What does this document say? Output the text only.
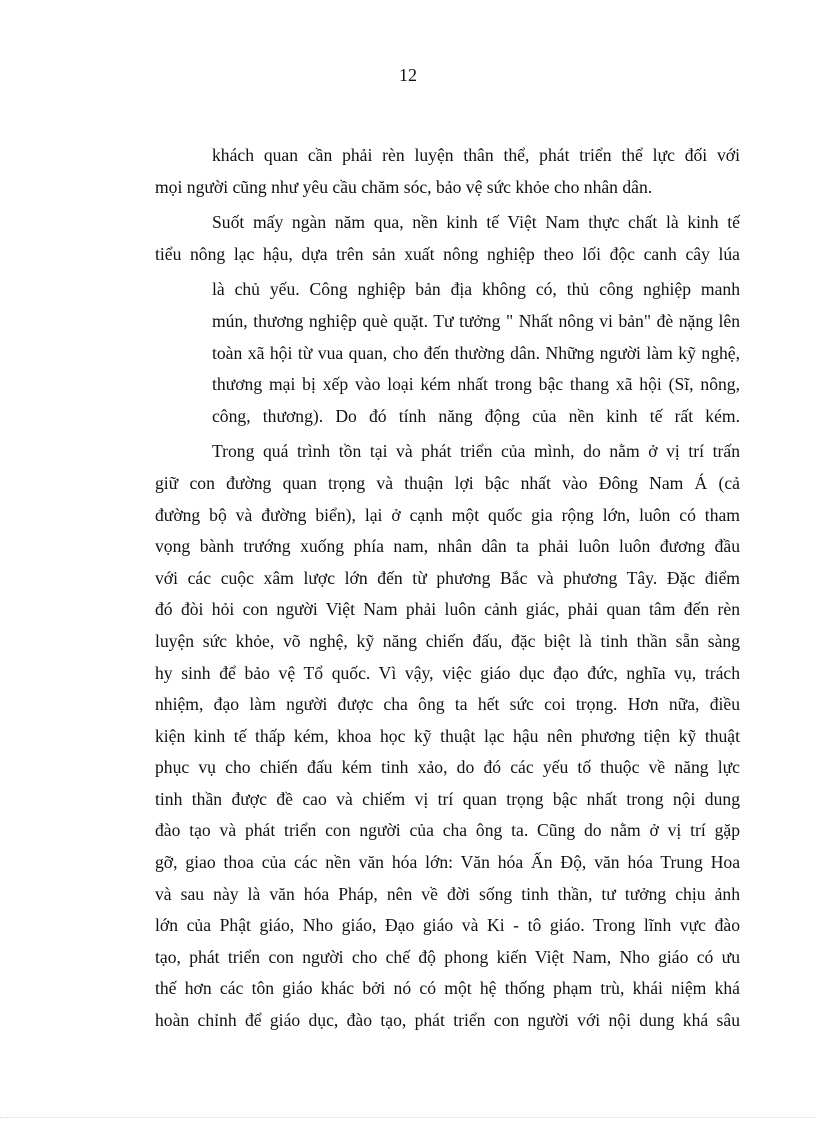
12
khách quan cần phải rèn luyện thân thể, phát triển thể lực đối với
mọi người cũng như yêu cầu chăm sóc, bảo vệ sức khỏe cho nhân dân.
Suốt mấy ngàn năm qua, nền kinh tế Việt Nam thực chất là kinh tế
tiểu nông lạc hậu, dựa trên sản xuất nông nghiệp theo lối độc canh cây lúa
là chủ yếu. Công nghiệp bản địa không có, thủ công nghiệp manh
mún, thương nghiệp què quặt. Tư tưởng " Nhất nông vi bản" đè nặng lên
toàn xã hội từ vua quan, cho đến thường dân. Những người làm kỹ nghệ,
thương mại bị xếp vào loại kém nhất trong bậc thang xã hội (Sĩ, nông,
công, thương). Do đó tính năng động của nền kinh tế rất kém.
Trong quá trình tồn tại và phát triển của mình, do nằm ở vị trí trấn
giữ con đường quan trọng và thuận lợi bậc nhất vào Đông Nam Á (cả
đường bộ và đường biển), lại ở cạnh một quốc gia rộng lớn, luôn có tham
vọng bành trướng xuống phía nam, nhân dân ta phải luôn luôn đương đầu
với các cuộc xâm lược lớn đến từ phương Bắc và phương Tây. Đặc điểm
đó đòi hỏi con người Việt Nam phải luôn cảnh giác, phải quan tâm đến rèn
luyện sức khỏe, võ nghệ, kỹ năng chiến đấu, đặc biệt là tinh thần sẵn sàng
hy sinh để bảo vệ Tổ quốc. Vì vậy, việc giáo dục đạo đức, nghĩa vụ, trách
nhiệm, đạo làm người được cha ông ta hết sức coi trọng. Hơn nữa, điều
kiện kinh tế thấp kém, khoa học kỹ thuật lạc hậu nên phương tiện kỹ thuật
phục vụ cho chiến đấu kém tinh xảo, do đó các yếu tố thuộc về năng lực
tinh thần được đề cao và chiếm vị trí quan trọng bậc nhất trong nội dung
đào tạo và phát triển con người của cha ông ta. Cũng do nằm ở vị trí gặp
gỡ, giao thoa của các nền văn hóa lớn: Văn hóa Ấn Độ, văn hóa Trung Hoa
và sau này là văn hóa Pháp, nên về đời sống tinh thần, tư tưởng chịu ảnh
lớn của Phật giáo, Nho giáo, Đạo giáo và Ki - tô giáo. Trong lĩnh vực đào
tạo, phát triển con người cho chế độ phong kiến Việt Nam, Nho giáo có ưu
thế hơn các tôn giáo khác bởi nó có một hệ thống phạm trù, khái niệm khá
hoàn chỉnh để giáo dục, đào tạo, phát triển con người với nội dung khá sâu
